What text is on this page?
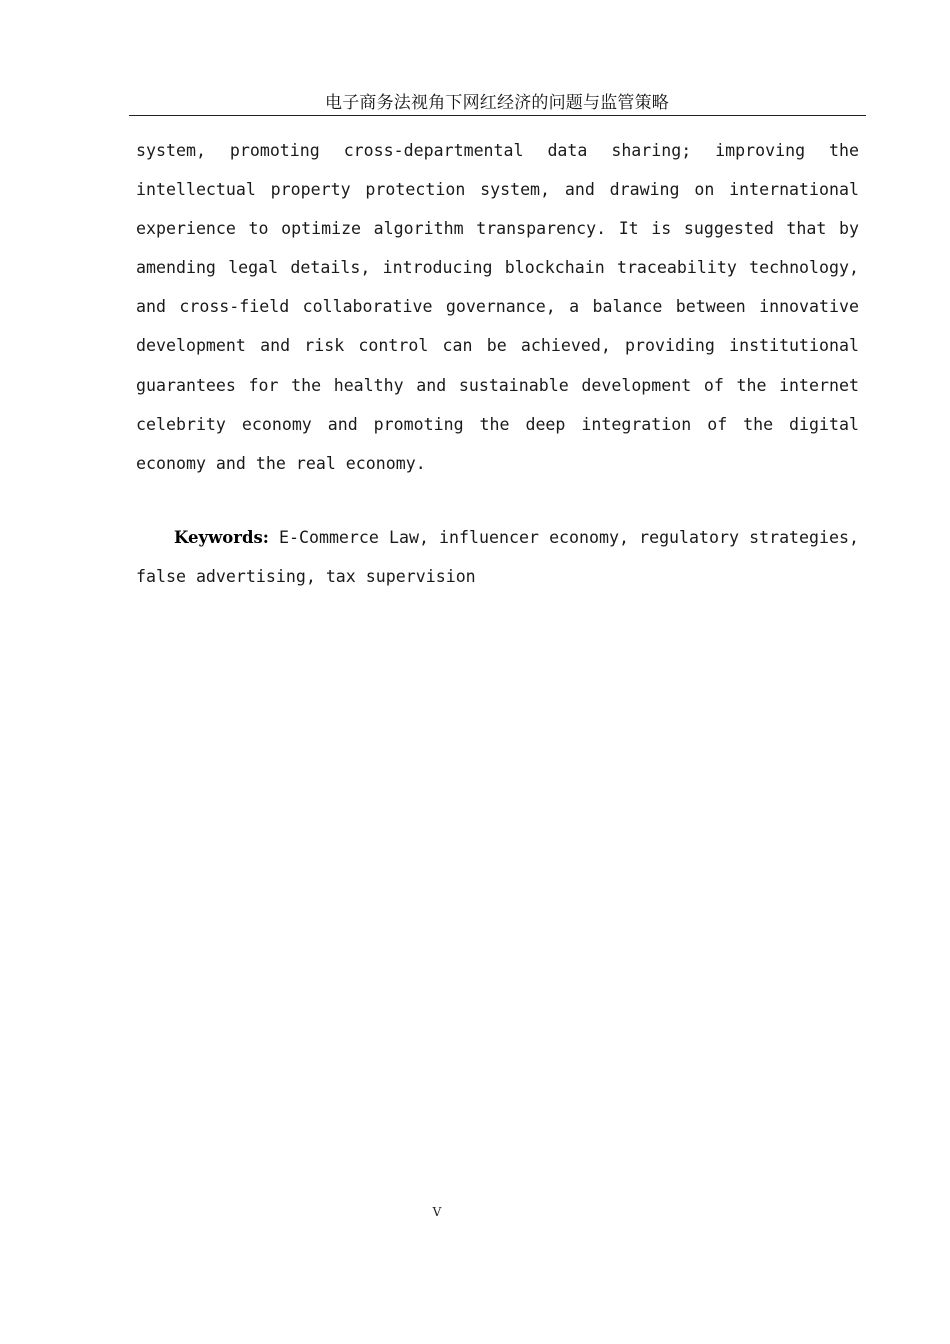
电子商务法视角下网红经济的问题与监管策略

system, promoting cross-departmental data sharing; improving the intellectual property protection system, and drawing on international experience to optimize algorithm transparency. It is suggested that by amending legal details, introducing blockchain traceability technology, and cross-field collaborative governance, a balance between innovative development and risk control can be achieved, providing institutional guarantees for the healthy and sustainable development of the internet celebrity economy and promoting the deep integration of the digital economy and the real economy.

Keywords: E-Commerce Law, influencer economy, regulatory strategies, false advertising, tax supervision

V
